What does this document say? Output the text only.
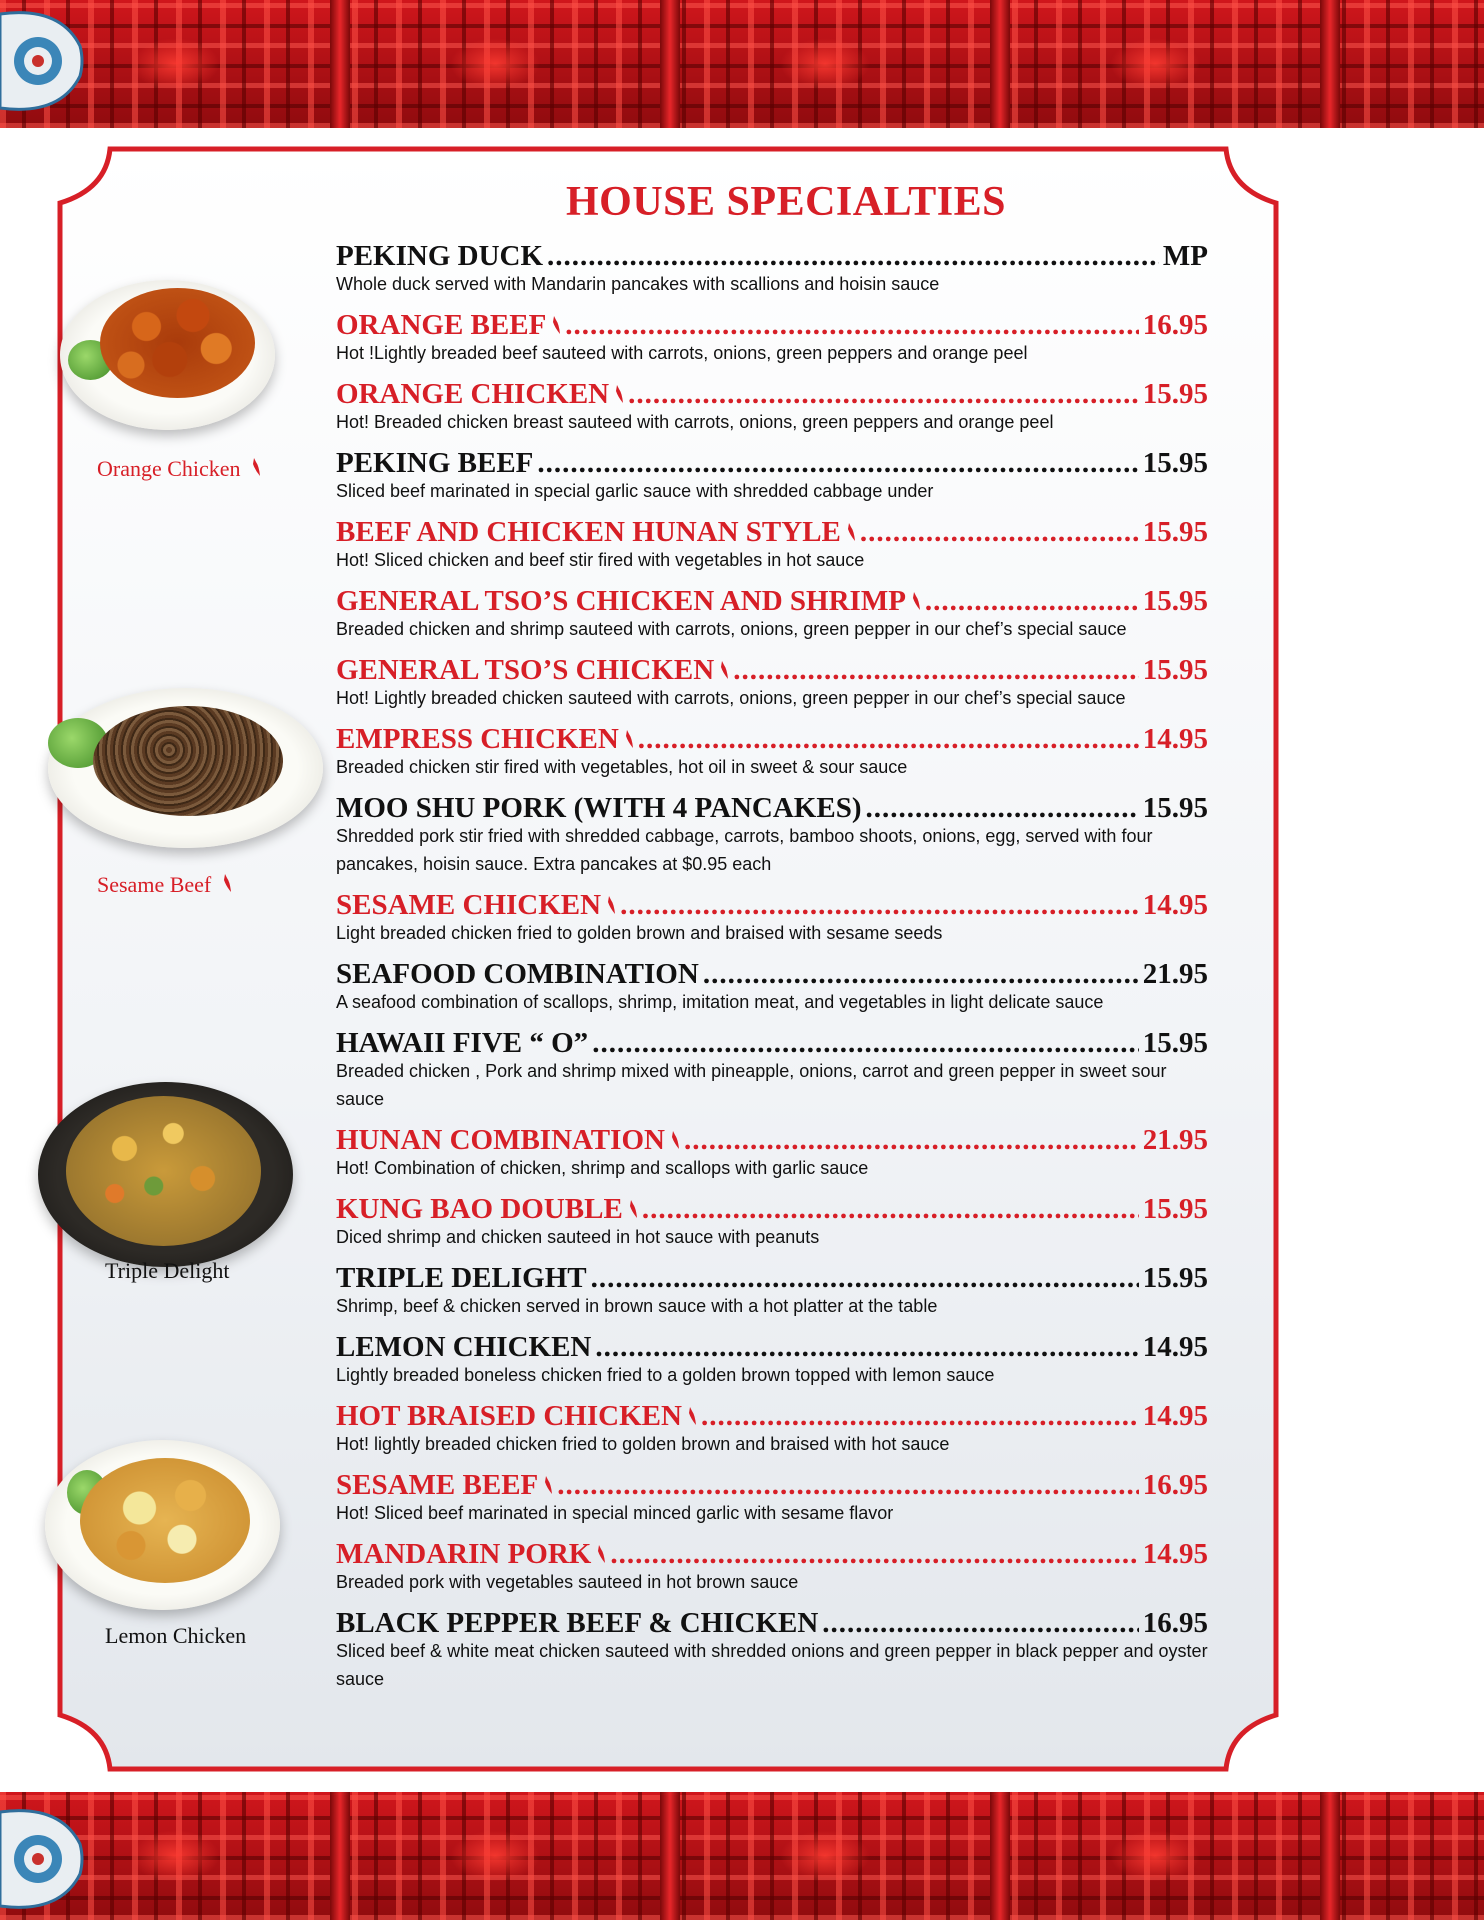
Orange Chicken
Sesame Beef
Triple Delight
Lemon Chicken
HOUSE SPECIALTIES
PEKING DUCK .....	MP
Whole duck served with Mandarin pancakes with scallions and hoisin sauce
ORANGE BEEF .....	16.95
Hot !Lightly breaded beef sauteed with carrots, onions, green peppers and orange peel
ORANGE CHICKEN .....	15.95
Hot! Breaded chicken breast sauteed with carrots, onions, green peppers and orange peel
PEKING BEEF .....	15.95
Sliced beef marinated in special garlic sauce with shredded cabbage under
BEEF AND CHICKEN HUNAN STYLE .....	15.95
Hot! Sliced chicken and beef stir fired with vegetables in hot sauce
GENERAL TSO’S CHICKEN AND SHRIMP .....	15.95
Breaded chicken and shrimp sauteed with carrots, onions, green pepper in our chef’s special sauce
GENERAL TSO’S CHICKEN .....	15.95
Hot! Lightly breaded chicken sauteed with carrots, onions, green pepper in our chef’s special sauce
EMPRESS CHICKEN .....	14.95
Breaded chicken stir fired with vegetables, hot oil in sweet & sour sauce
MOO SHU PORK (WITH 4 PANCAKES) .....	15.95
Shredded pork stir fried with shredded cabbage, carrots, bamboo shoots, onions, egg, served with four pancakes, hoisin sauce. Extra pancakes at $0.95 each
SESAME CHICKEN .....	14.95
Light breaded chicken fried to golden brown and braised with sesame seeds
SEAFOOD COMBINATION .....	21.95
A seafood combination of scallops, shrimp, imitation meat, and vegetables in light delicate sauce
HAWAII FIVE “ O” .....	15.95
Breaded chicken , Pork and shrimp mixed with pineapple, onions, carrot and green pepper in sweet sour sauce
HUNAN COMBINATION .....	21.95
Hot! Combination of chicken, shrimp and scallops with garlic sauce
KUNG BAO DOUBLE .....	15.95
Diced shrimp and chicken sauteed in hot sauce with peanuts
TRIPLE DELIGHT .....	15.95
Shrimp, beef & chicken served in brown sauce with a hot platter at the table
LEMON CHICKEN .....	14.95
Lightly breaded boneless chicken fried to a golden brown topped with lemon sauce
HOT BRAISED CHICKEN .....	14.95
Hot! lightly breaded chicken fried to golden brown and braised with hot sauce
SESAME BEEF .....	16.95
Hot! Sliced beef marinated in special minced garlic with sesame flavor
MANDARIN PORK .....	14.95
Breaded pork with vegetables sauteed in hot brown sauce
BLACK PEPPER BEEF & CHICKEN .....	16.95
Sliced beef & white meat chicken sauteed with shredded onions and green pepper in black pepper and oyster sauce
